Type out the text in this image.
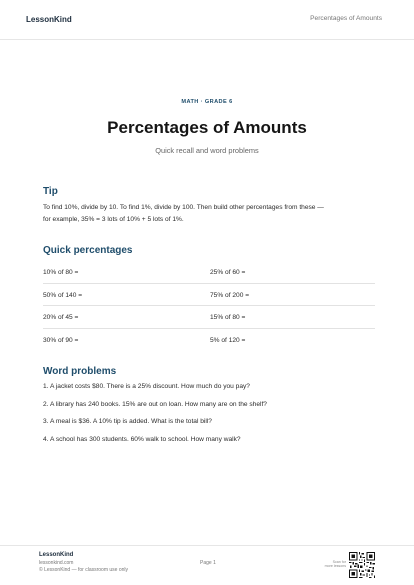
LessonKind	Percentages of Amounts
MATH · GRADE 6
Percentages of Amounts
Quick recall and word problems
Tip
To find 10%, divide by 10. To find 1%, divide by 100. Then build other percentages from these —
for example, 35% = 3 lots of 10% + 5 lots of 1%.
Quick percentages
10% of 80 =	25% of 60 =
50% of 140 =	75% of 200 =
20% of 45 =	15% of 80 =
30% of 90 =	5% of 120 =
Word problems
1. A jacket costs $80. There is a 25% discount. How much do you pay?
2. A library has 240 books. 15% are out on loan. How many are on the shelf?
3. A meal is $36. A 10% tip is added. What is the total bill?
4. A school has 300 students. 60% walk to school. How many walk?
LessonKind
lessonkind.com
© LessonKind — for classroom use only
Page 1	Scan for
more lessons
